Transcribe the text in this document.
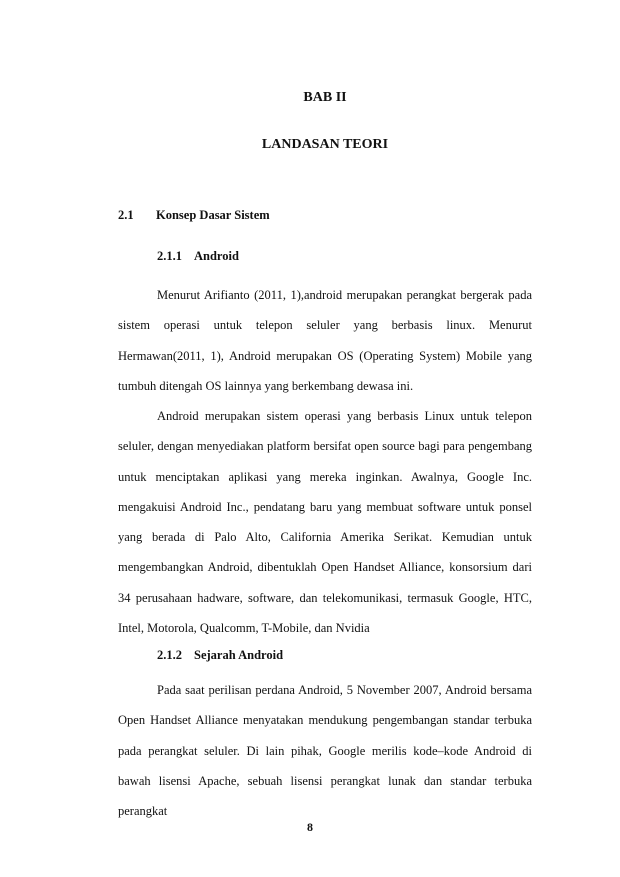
BAB II

LANDASAN TEORI

2.1 Konsep Dasar Sistem

2.1.1 Android

Menurut Arifianto (2011, 1),android merupakan perangkat bergerak pada sistem operasi untuk telepon seluler yang berbasis linux. Menurut Hermawan(2011, 1), Android merupakan OS (Operating System) Mobile yang tumbuh ditengah OS lainnya yang berkembang dewasa ini.

Android merupakan sistem operasi yang berbasis Linux untuk telepon seluler, dengan menyediakan platform bersifat open source bagi para pengembang untuk menciptakan aplikasi yang mereka inginkan. Awalnya, Google Inc. mengakuisi Android Inc., pendatang baru yang membuat software untuk ponsel yang berada di Palo Alto, California Amerika Serikat. Kemudian untuk mengembangkan Android, dibentuklah Open Handset Alliance, konsorsium dari 34 perusahaan hadware, software, dan telekomunikasi, termasuk Google, HTC, Intel, Motorola, Qualcomm, T-Mobile, dan Nvidia

2.1.2 Sejarah Android

Pada saat perilisan perdana Android, 5 November 2007, Android bersama Open Handset Alliance menyatakan mendukung pengembangan standar terbuka pada perangkat seluler. Di lain pihak, Google merilis kode–kode Android di bawah lisensi Apache, sebuah lisensi perangkat lunak dan standar terbuka perangkat

8
